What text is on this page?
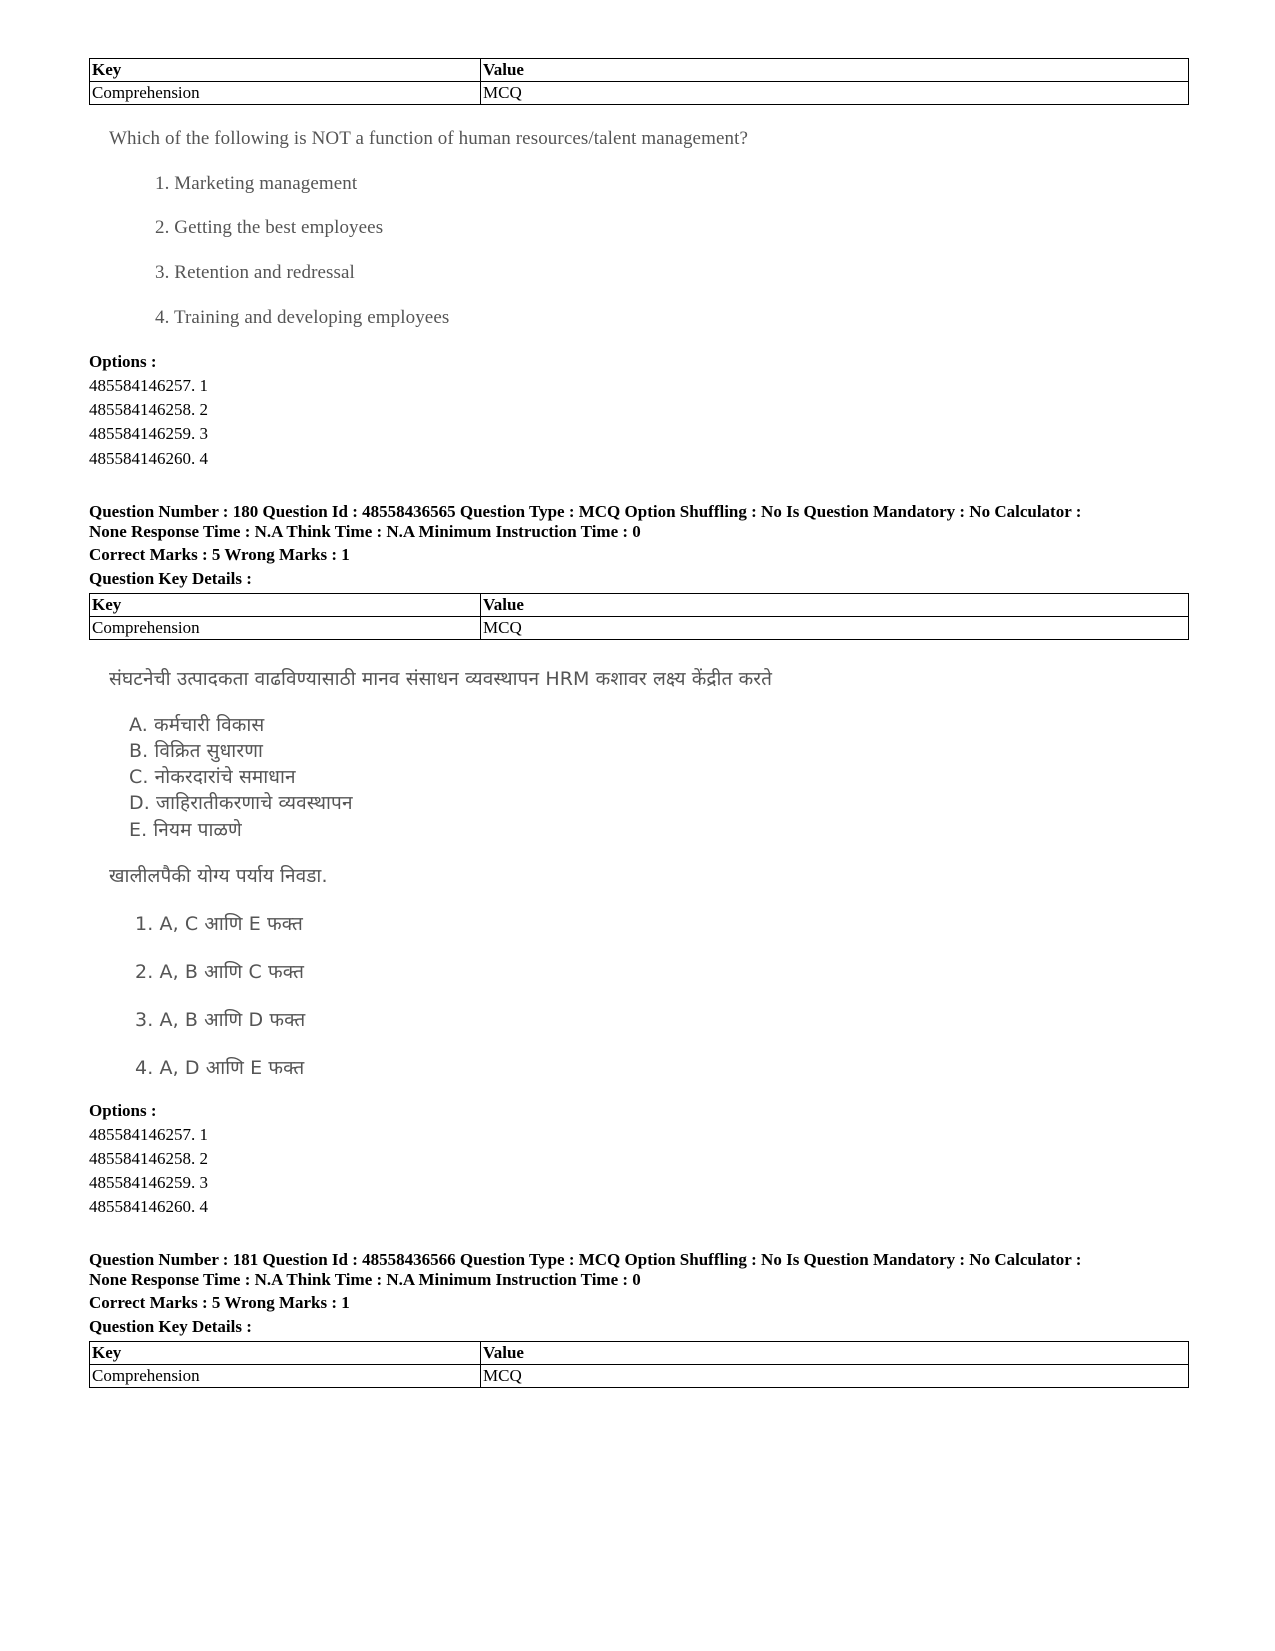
Key	Value
Comprehension	MCQ
Which of the following is NOT a function of human resources/talent management?
1. Marketing management
2. Getting the best employees
3. Retention and redressal
4. Training and developing employees
Options :
485584146257. 1
485584146258. 2
485584146259. 3
485584146260. 4
Question Number : 180 Question Id : 48558436565 Question Type : MCQ Option Shuffling : No Is Question Mandatory : No Calculator :
None Response Time : N.A Think Time : N.A Minimum Instruction Time : 0
Correct Marks : 5 Wrong Marks : 1
Question Key Details :
Key	Value
Comprehension	MCQ
संघटनेची उत्पादकता वाढविण्यासाठी मानव संसाधन व्यवस्थापन HRM कशावर लक्ष्य केंद्रीत करते
A. कर्मचारी विकास
B. विक्रित सुधारणा
C. नोकरदारांचे समाधान
D. जाहिरातीकरणाचे व्यवस्थापन
E. नियम पाळणे
खालीलपैकी योग्य पर्याय निवडा.
1. A, C आणि E फक्त
2. A, B आणि C फक्त
3. A, B आणि D फक्त
4. A, D आणि E फक्त
Options :
485584146257. 1
485584146258. 2
485584146259. 3
485584146260. 4
Question Number : 181 Question Id : 48558436566 Question Type : MCQ Option Shuffling : No Is Question Mandatory : No Calculator :
None Response Time : N.A Think Time : N.A Minimum Instruction Time : 0
Correct Marks : 5 Wrong Marks : 1
Question Key Details :
Key	Value
Comprehension	MCQ
